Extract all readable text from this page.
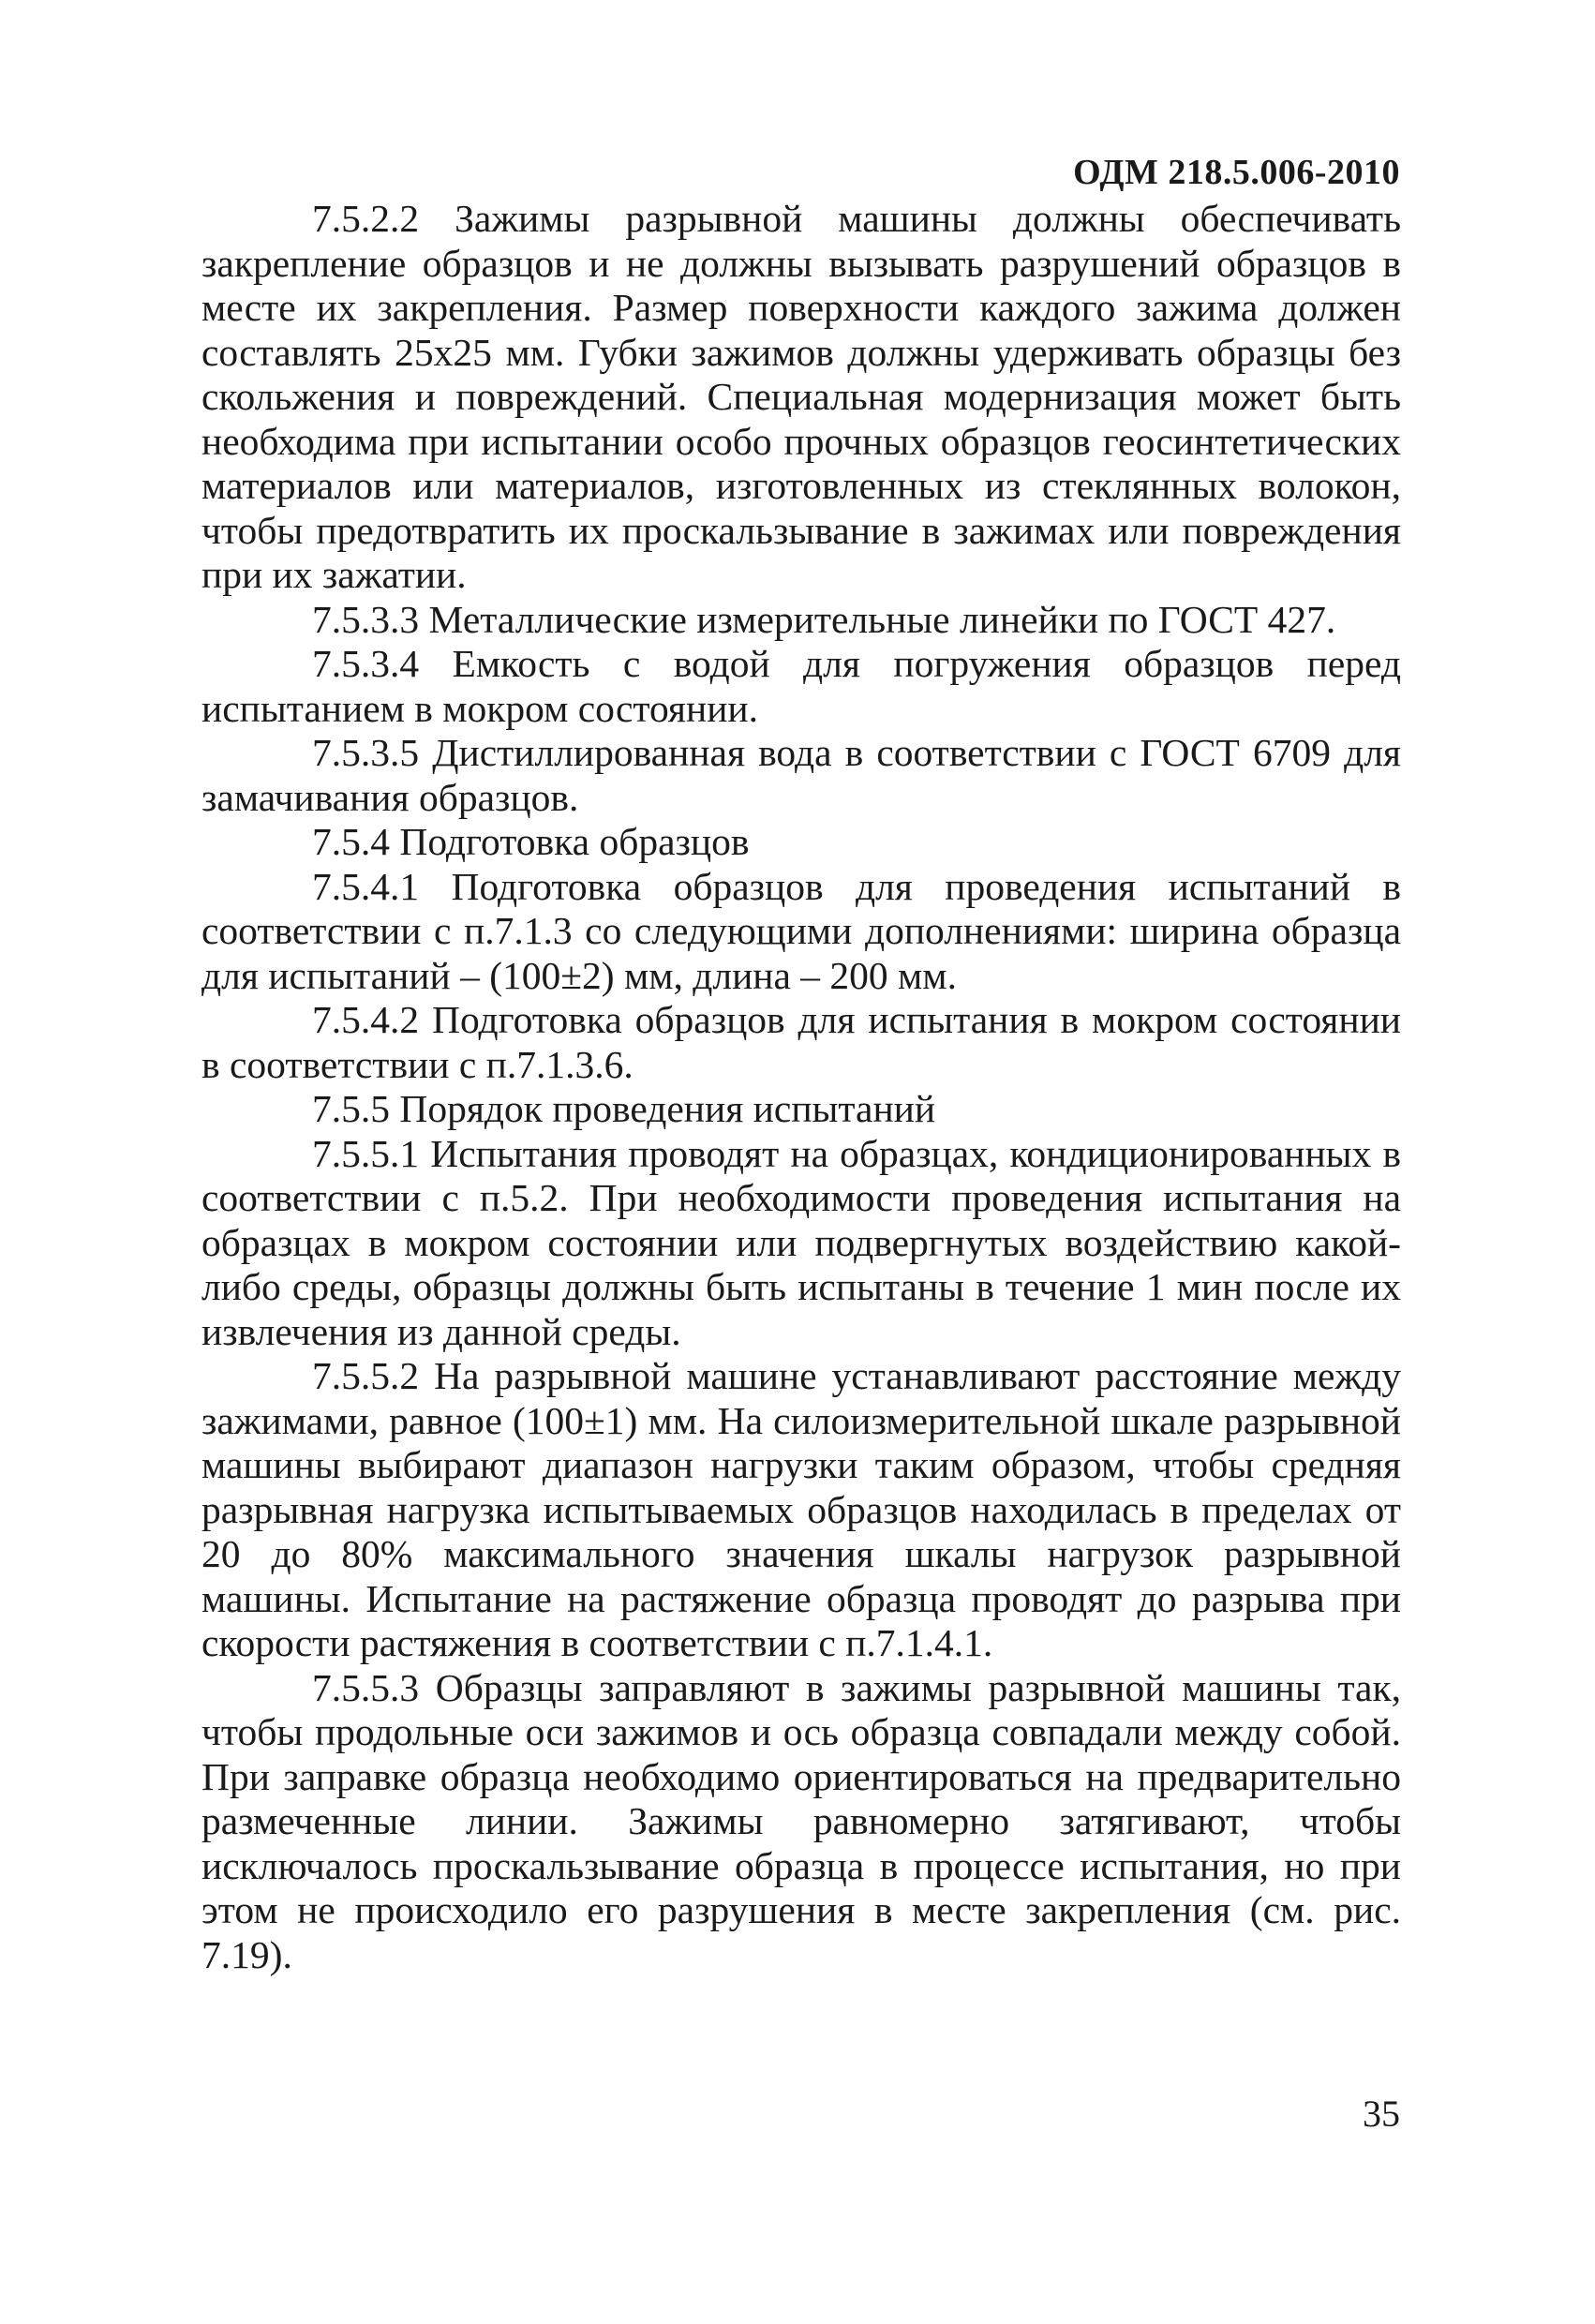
ОДМ 218.5.006-2010

7.5.2.2 Зажимы разрывной машины должны обеспечивать закрепление образцов и не должны вызывать разрушений образцов в месте их закрепления. Размер поверхности каждого зажима должен составлять 25x25 мм. Губки зажимов должны удерживать образцы без скольжения и повреждений. Специальная модернизация может быть необходима при испытании особо прочных образцов геосинтетических материалов или материалов, изготовленных из стеклянных волокон, чтобы предотвратить их проскальзывание в зажимах или повреждения при их зажатии.

7.5.3.3 Металлические измерительные линейки по ГОСТ 427.

7.5.3.4 Емкость с водой для погружения образцов перед испытанием в мокром состоянии.

7.5.3.5 Дистиллированная вода в соответствии с ГОСТ 6709 для замачивания образцов.

7.5.4 Подготовка образцов

7.5.4.1 Подготовка образцов для проведения испытаний в соответствии с п.7.1.3 со следующими дополнениями: ширина образца для испытаний – (100±2) мм, длина – 200 мм.

7.5.4.2 Подготовка образцов для испытания в мокром состоянии в соответствии с п.7.1.3.6.

7.5.5 Порядок проведения испытаний

7.5.5.1 Испытания проводят на образцах, кондиционированных в соответствии с п.5.2. При необходимости проведения испытания на образцах в мокром состоянии или подвергнутых воздействию какой-либо среды, образцы должны быть испытаны в течение 1 мин после их извлечения из данной среды.

7.5.5.2 На разрывной машине устанавливают расстояние между зажимами, равное (100±1) мм. На силоизмерительной шкале разрывной машины выбирают диапазон нагрузки таким образом, чтобы средняя разрывная нагрузка испытываемых образцов находилась в пределах от 20 до 80% максимального значения шкалы нагрузок разрывной машины. Испытание на растяжение образца проводят до разрыва при скорости растяжения в соответствии с п.7.1.4.1.

7.5.5.3 Образцы заправляют в зажимы разрывной машины так, чтобы продольные оси зажимов и ось образца совпадали между собой. При заправке образца необходимо ориентироваться на предварительно размеченные линии. Зажимы равномерно затягивают, чтобы исключалось проскальзывание образца в процессе испытания, но при этом не происходило его разрушения в месте закрепления (см. рис. 7.19).

35
